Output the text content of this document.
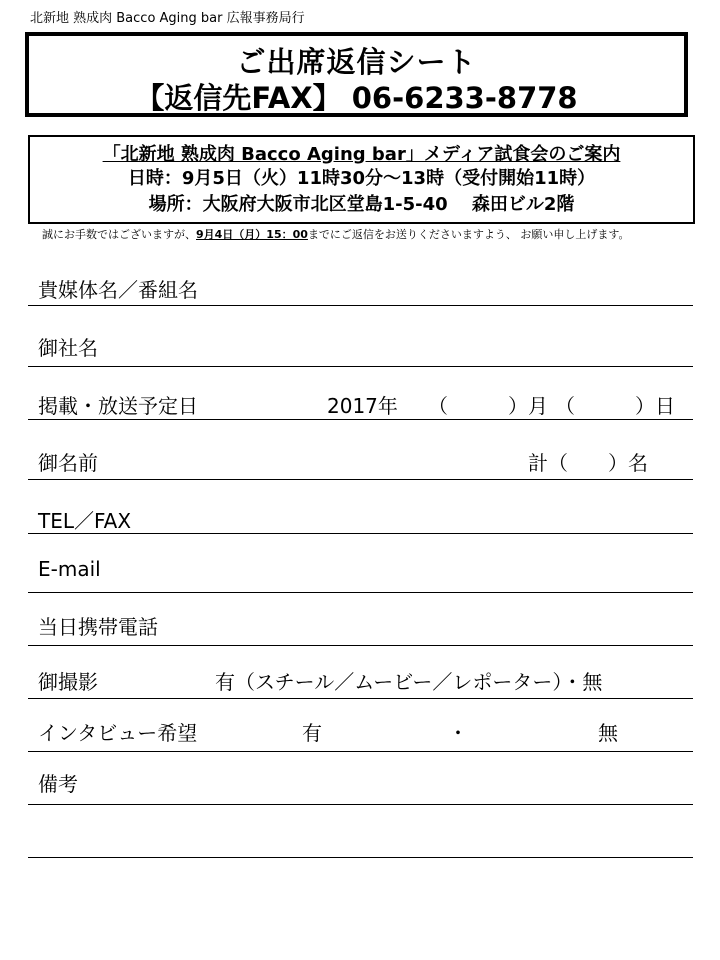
北新地 熟成肉 Bacco Aging bar 広報事務局行
ご出席返信シート
【返信先FAX】 06-6233-8778
「北新地 熟成肉 Bacco Aging bar」メディア試食会のご案内
日時：9月5日（火）11時30分～13時（受付開始11時）
場所：大阪府大阪市北区堂島1-5-40　 森田ビル2階
誠にお手数ではございますが、9月4日（月）15：00までにご返信をお送りくださいますよう、 お願い申し上げます。
貴媒体名／番組名
御社名
掲載・放送予定日	2017年 （　　　）月 （　　　）日
御名前	計（　　）名
TEL／FAX
E-mail
当日携帯電話
御撮影	有（スチール／ムービー／レポーター）・無
インタビュー希望	有	・	無
備考
